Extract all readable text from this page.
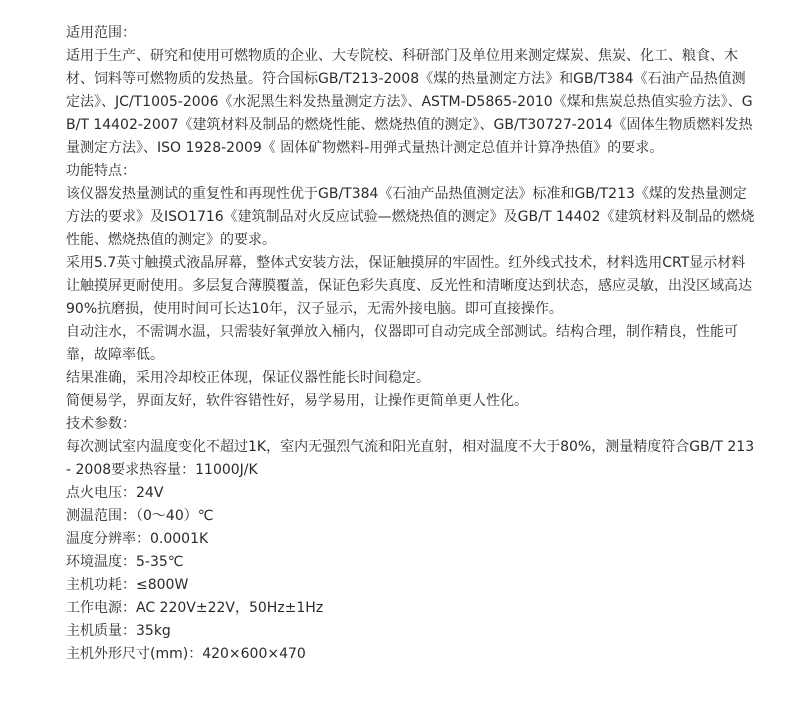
适用范围：

适用于生产、研究和使用可燃物质的企业、大专院校、科研部门及单位用来测定煤炭、焦炭、化工、粮食、木材、饲料等可燃物质的发热量。符合国标GB/T213-2008《煤的热量测定方法》和GB/T384《石油产品热值测定法》、JC/T1005-2006《水泥黑生料发热量测定方法》、ASTM-D5865-2010《煤和焦炭总热值实验方法》、GB/T 14402-2007《建筑材料及制品的燃烧性能、燃烧热值的测定》、GB/T30727-2014《固体生物质燃料发热量测定方法》、ISO 1928-2009《 固体矿物燃料-用弹式量热计测定总值并计算净热值》的要求。

功能特点：

该仪器发热量测试的重复性和再现性优于GB/T384《石油产品热值测定法》标准和GB/T213《煤的发热量测定方法的要求》及ISO1716《建筑制品对火反应试验—燃烧热值的测定》及GB/T 14402《建筑材料及制品的燃烧性能、燃烧热值的测定》的要求。

采用5.7英寸触摸式液晶屏幕，整体式安装方法，保证触摸屏的牢固性。红外线式技术，材料选用CRT显示材料让触摸屏更耐使用。多层复合薄膜覆盖，保证色彩失真度、反光性和清晰度达到状态，感应灵敏，出没区域高达90%抗磨损，使用时间可长达10年，汉子显示，无需外接电脑。即可直接操作。

自动注水，不需调水温，只需装好氧弹放入桶内，仪器即可自动完成全部测试。结构合理，制作精良，性能可靠，故障率低。

结果准确，采用冷却校正体现，保证仪器性能长时间稳定。

简便易学，界面友好，软件容错性好，易学易用，让操作更简单更人性化。

技术参数：

每次测试室内温度变化不超过1K，室内无强烈气流和阳光直射，相对温度不大于80%，测量精度符合GB/T 213 - 2008要求热容量：11000J/K

点火电压：24V

测温范围：（0～40）℃

温度分辨率：0.0001K

环境温度：5-35℃

主机功耗：≤800W

工作电源：AC 220V±22V，50Hz±1Hz

主机质量：35kg

主机外形尺寸(mm)：420×600×470
